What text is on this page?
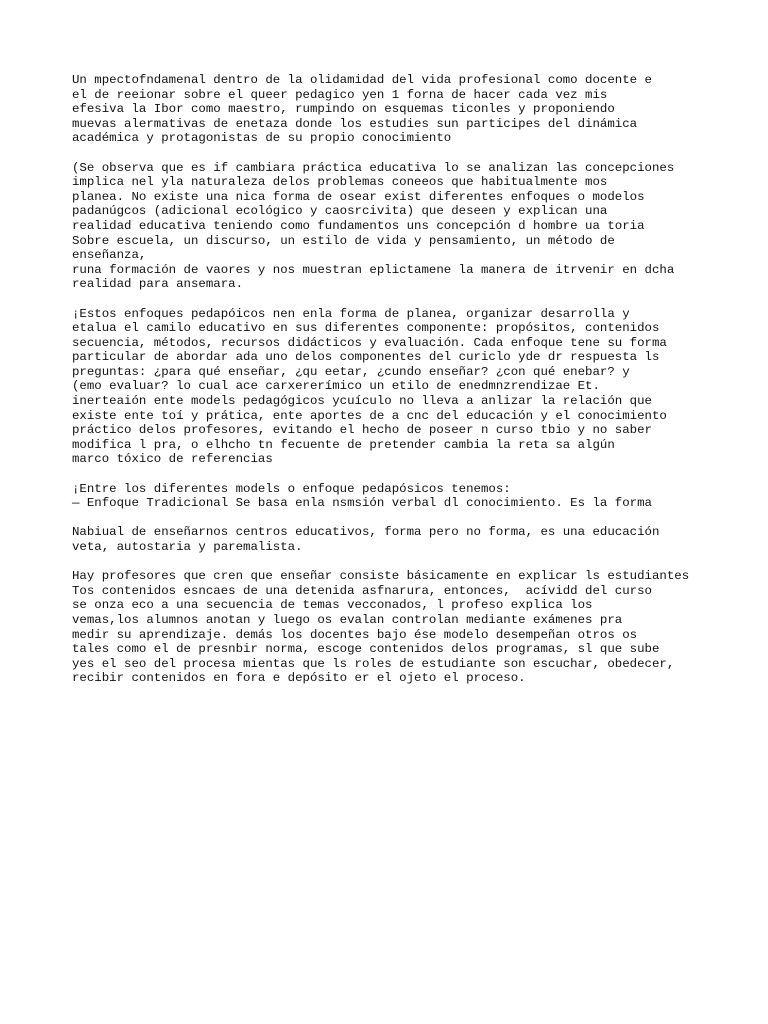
Un mpectofndamenal dentro de la olidamidad del vida profesional como docente e
el de reeionar sobre el queer pedagico yen 1 forna de hacer cada vez mis
efesiva la Ibor como maestro, rumpindo on esquemas ticonles y proponiendo
muevas alermativas de enetaza donde los estudies sun participes del dinámica
académica y protagonistas de su propio conocimiento
(Se observa que es if cambiara práctica educativa lo se analizan las concepciones
implica nel yla naturaleza delos problemas coneeos que habitualmente mos
planea. No existe una nica forma de osear exist diferentes enfoques o modelos
padanúgcos (adicional ecológico y caosrcivita) que deseen y explican una
realidad educativa teniendo como fundamentos uns concepción d hombre ua toria
Sobre escuela, un discurso, un estilo de vida y pensamiento, un método de
enseñanza,
runa formación de vaores y nos muestran eplictamene la manera de itrvenir en dcha
realidad para ansemara.
¡Estos enfoques pedapóicos nen enla forma de planea, organizar desarrolla y
etalua el camilo educativo en sus diferentes componente: propósitos, contenidos
secuencia, métodos, recursos didácticos y evaluación. Cada enfoque tene su forma
particular de abordar ada uno delos componentes del curiclo yde dr respuesta ls
preguntas: ¿para qué enseñar, ¿qu eetar, ¿cundo enseñar? ¿con qué enebar? y
(emo evaluar? lo cual ace carxererímico un etilo de enedmnzrendizae Et.
inerteaión ente models pedagógicos ycuículo no lleva a anlizar la relación que
existe ente toí y prática, ente aportes de a cnc del educación y el conocimiento
práctico delos profesores, evitando el hecho de poseer n curso tbio y no saber
modifica l pra, o elhcho tn fecuente de pretender cambia la reta sa algún
marco tóxico de referencias
¡Entre los diferentes models o enfoque pedapósicos tenemos:
— Enfoque Tradicional Se basa enla nsmsión verbal dl conocimiento. Es la forma
Nabiual de enseñarnos centros educativos, forma pero no forma, es una educación
veta, autostaria y paremalista.
Hay profesores que cren que enseñar consiste básicamente en explicar ls estudiantes
Tos contenidos esncaes de una detenida asfnarura, entonces,  acívidd del curso
se onza eco a una secuencia de temas vecconados, l profeso explica los
vemas,los alumnos anotan y luego os evalan controlan mediante exámenes pra
medir su aprendizaje. demás los docentes bajo ése modelo desempeñan otros os
tales como el de presnbir norma, escoge contenidos delos programas, sl que sube
yes el seo del procesa mientas que ls roles de estudiante son escuchar, obedecer,
recibir contenidos en fora e depósito er el ojeto el proceso.
